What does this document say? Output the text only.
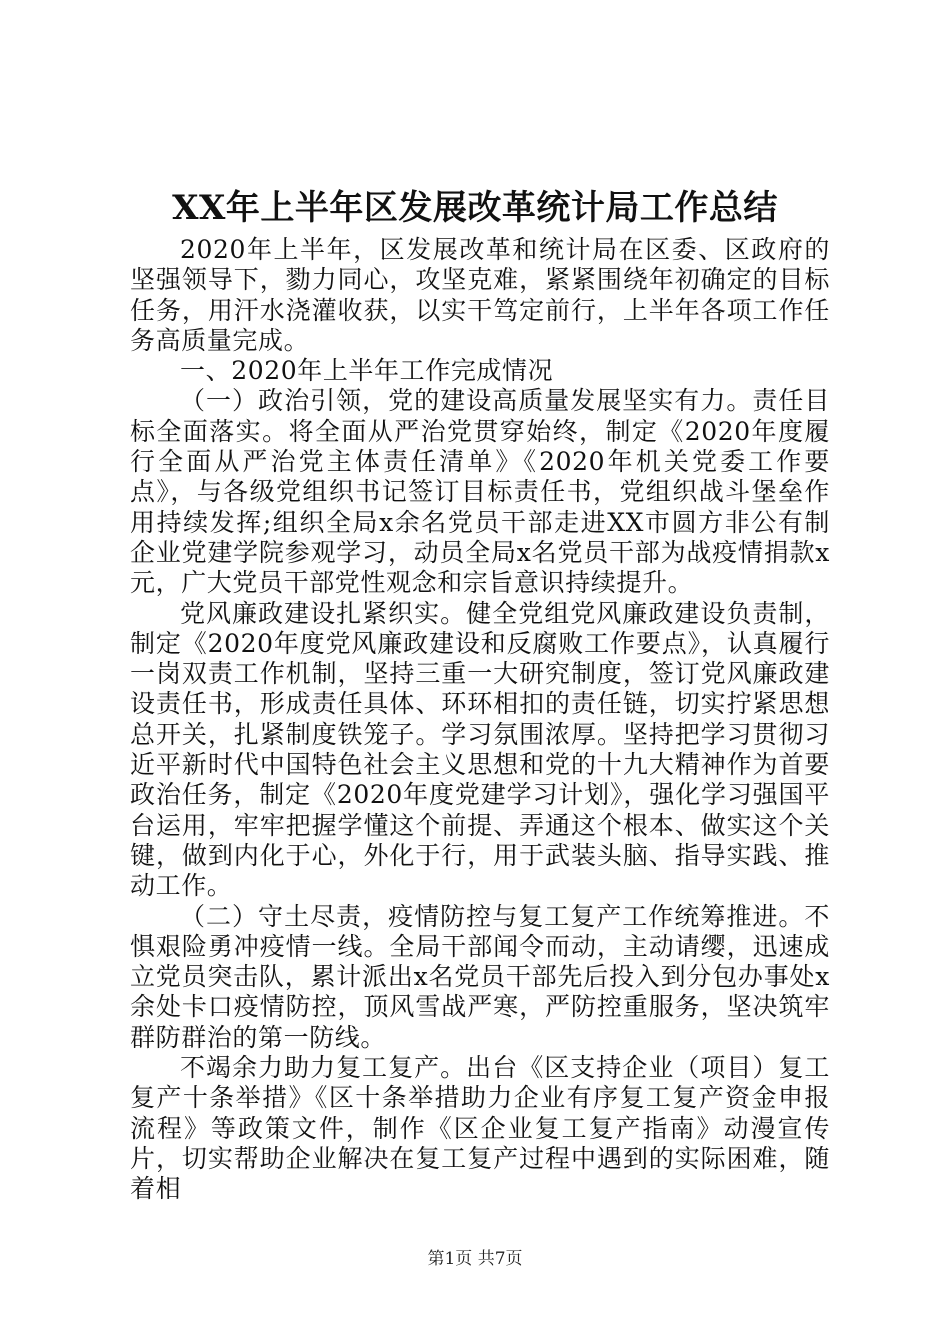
XX年上半年区发展改革统计局工作总结

2020年上半年，区发展改革和统计局在区委、区政府的坚强领导下，勠力同心，攻坚克难，紧紧围绕年初确定的目标任务，用汗水浇灌收获，以实干笃定前行，上半年各项工作任务高质量完成。

一、2020年上半年工作完成情况

（一）政治引领，党的建设高质量发展坚实有力。责任目标全面落实。将全面从严治党贯穿始终，制定《2020年度履行全面从严治党主体责任清单》《2020年机关党委工作要点》，与各级党组织书记签订目标责任书，党组织战斗堡垒作用持续发挥;组织全局x余名党员干部走进XX市圆方非公有制企业党建学院参观学习，动员全局x名党员干部为战疫情捐款x元，广大党员干部党性观念和宗旨意识持续提升。

党风廉政建设扎紧织实。健全党组党风廉政建设负责制，制定《2020年度党风廉政建设和反腐败工作要点》，认真履行一岗双责工作机制，坚持三重一大研究制度，签订党风廉政建设责任书，形成责任具体、环环相扣的责任链，切实拧紧思想总开关，扎紧制度铁笼子。学习氛围浓厚。坚持把学习贯彻习近平新时代中国特色社会主义思想和党的十九大精神作为首要政治任务，制定《2020年度党建学习计划》，强化学习强国平台运用，牢牢把握学懂这个前提、弄通这个根本、做实这个关键，做到内化于心，外化于行，用于武装头脑、指导实践、推动工作。

（二）守土尽责，疫情防控与复工复产工作统筹推进。不惧艰险勇冲疫情一线。全局干部闻令而动，主动请缨，迅速成立党员突击队，累计派出x名党员干部先后投入到分包办事处x余处卡口疫情防控，顶风雪战严寒，严防控重服务，坚决筑牢群防群治的第一防线。

不竭余力助力复工复产。出台《区支持企业（项目）复工复产十条举措》《区十条举措助力企业有序复工复产资金申报流程》等政策文件，制作《区企业复工复产指南》动漫宣传片，切实帮助企业解决在复工复产过程中遇到的实际困难，随着相

第1页 共7页
